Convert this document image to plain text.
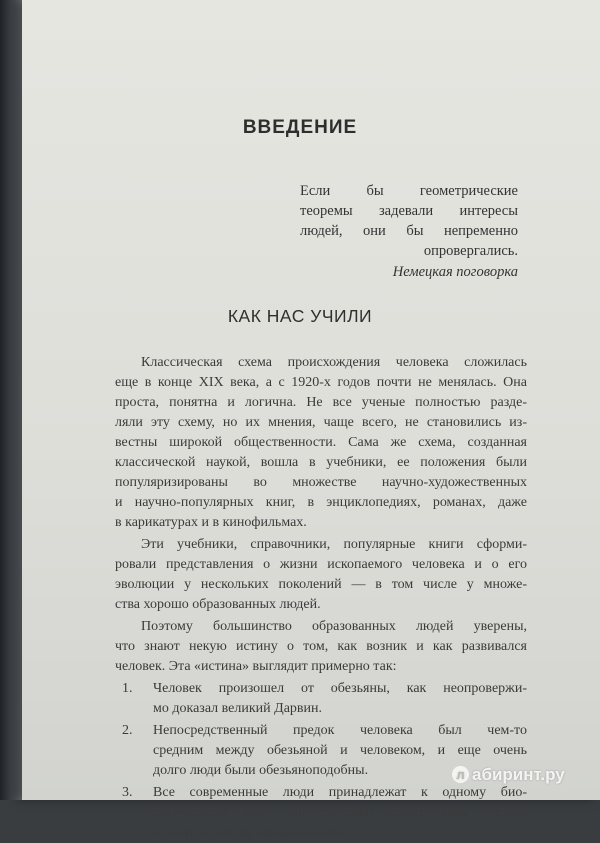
ВВЕДЕНИЕ
Если бы геометрические
теоремы задевали интересы
людей, они бы непременно
опровергались.
Немецкая поговорка
КАК НАС УЧИЛИ
Классическая схема происхождения человека сложилась
еще в конце XIX века, а с 1920-х годов почти не менялась. Она
проста, понятна и логична. Не все ученые полностью разде-
ляли эту схему, но их мнения, чаще всего, не становились из-
вестны широкой общественности. Сама же схема, созданная
классической наукой, вошла в учебники, ее положения были
популяризированы во множестве научно-художественных
и научно-популярных книг, в энциклопедиях, романах, даже
в карикатурах и в кинофильмах.
Эти учебники, справочники, популярные книги сформи-
ровали представления о жизни ископаемого человека и о его
эволюции у нескольких поколений — в том числе у множе-
ства хорошо образованных людей.
Поэтому большинство образованных людей уверены,
что знают некую истину о том, как возник и как развивался
человек. Эта «истина» выглядит примерно так:
1. Человек произошел от обезьяны, как неопровержи-
мо доказал великий Дарвин.
2. Непосредственный предок человека был чем-то
средним между обезьяной и человеком, и еще очень
долго люди были обезьяноподобны.
3. Все современные люди принадлежат к одному био-
логическому виду; они потомки одного вида обезьян
и одних и тех же обезьянолюдей.
л абиринт.ру
